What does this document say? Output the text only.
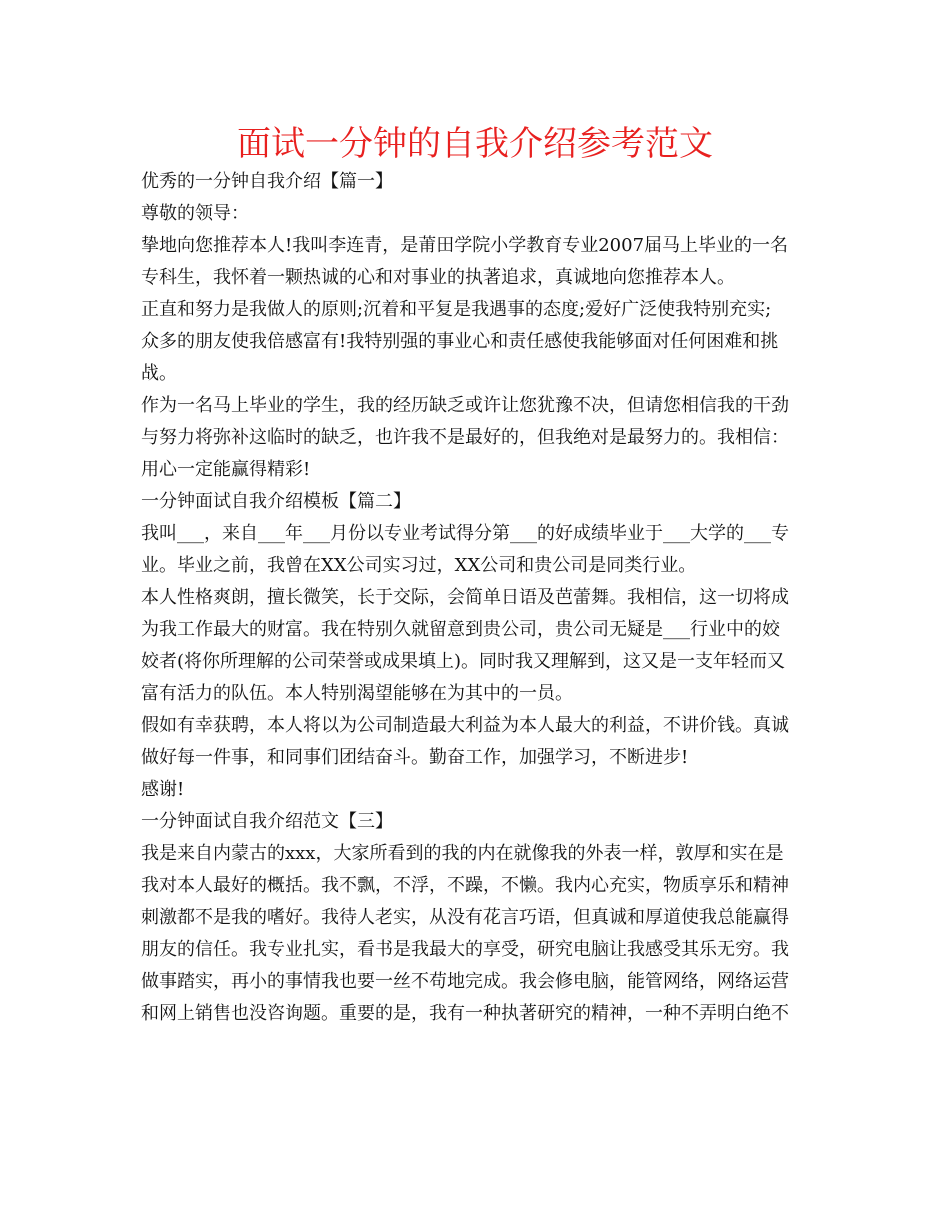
面试一分钟的自我介绍参考范文

优秀的一分钟自我介绍【篇一】

尊敬的领导：

挚地向您推荐本人!我叫李连青，是莆田学院小学教育专业2007届马上毕业的一名
专科生，我怀着一颗热诚的心和对事业的执著追求，真诚地向您推荐本人。

正直和努力是我做人的原则;沉着和平复是我遇事的态度;爱好广泛使我特别充实;
众多的朋友使我倍感富有!我特别强的事业心和责任感使我能够面对任何困难和挑
战。

作为一名马上毕业的学生，我的经历缺乏或许让您犹豫不决，但请您相信我的干劲
与努力将弥补这临时的缺乏，也许我不是最好的，但我绝对是最努力的。我相信：
用心一定能赢得精彩!

一分钟面试自我介绍模板【篇二】

我叫___，来自___年___月份以专业考试得分第___的好成绩毕业于___大学的___专
业。毕业之前，我曾在XX公司实习过，XX公司和贵公司是同类行业。

本人性格爽朗，擅长微笑，长于交际，会简单日语及芭蕾舞。我相信，这一切将成
为我工作最大的财富。我在特别久就留意到贵公司，贵公司无疑是___行业中的姣
姣者(将你所理解的公司荣誉或成果填上)。同时我又理解到，这又是一支年轻而又
富有活力的队伍。本人特别渴望能够在为其中的一员。

假如有幸获聘，本人将以为公司制造最大利益为本人最大的利益，不讲价钱。真诚
做好每一件事，和同事们团结奋斗。勤奋工作，加强学习，不断进步!

感谢!

一分钟面试自我介绍范文【三】

我是来自内蒙古的xxx，大家所看到的我的内在就像我的外表一样，敦厚和实在是
我对本人最好的概括。我不飘，不浮，不躁，不懒。我内心充实，物质享乐和精神
刺激都不是我的嗜好。我待人老实，从没有花言巧语，但真诚和厚道使我总能赢得
朋友的信任。我专业扎实，看书是我最大的享受，研究电脑让我感受其乐无穷。我
做事踏实，再小的事情我也要一丝不苟地完成。我会修电脑，能管网络，网络运营
和网上销售也没咨询题。重要的是，我有一种执著研究的精神，一种不弄明白绝不
